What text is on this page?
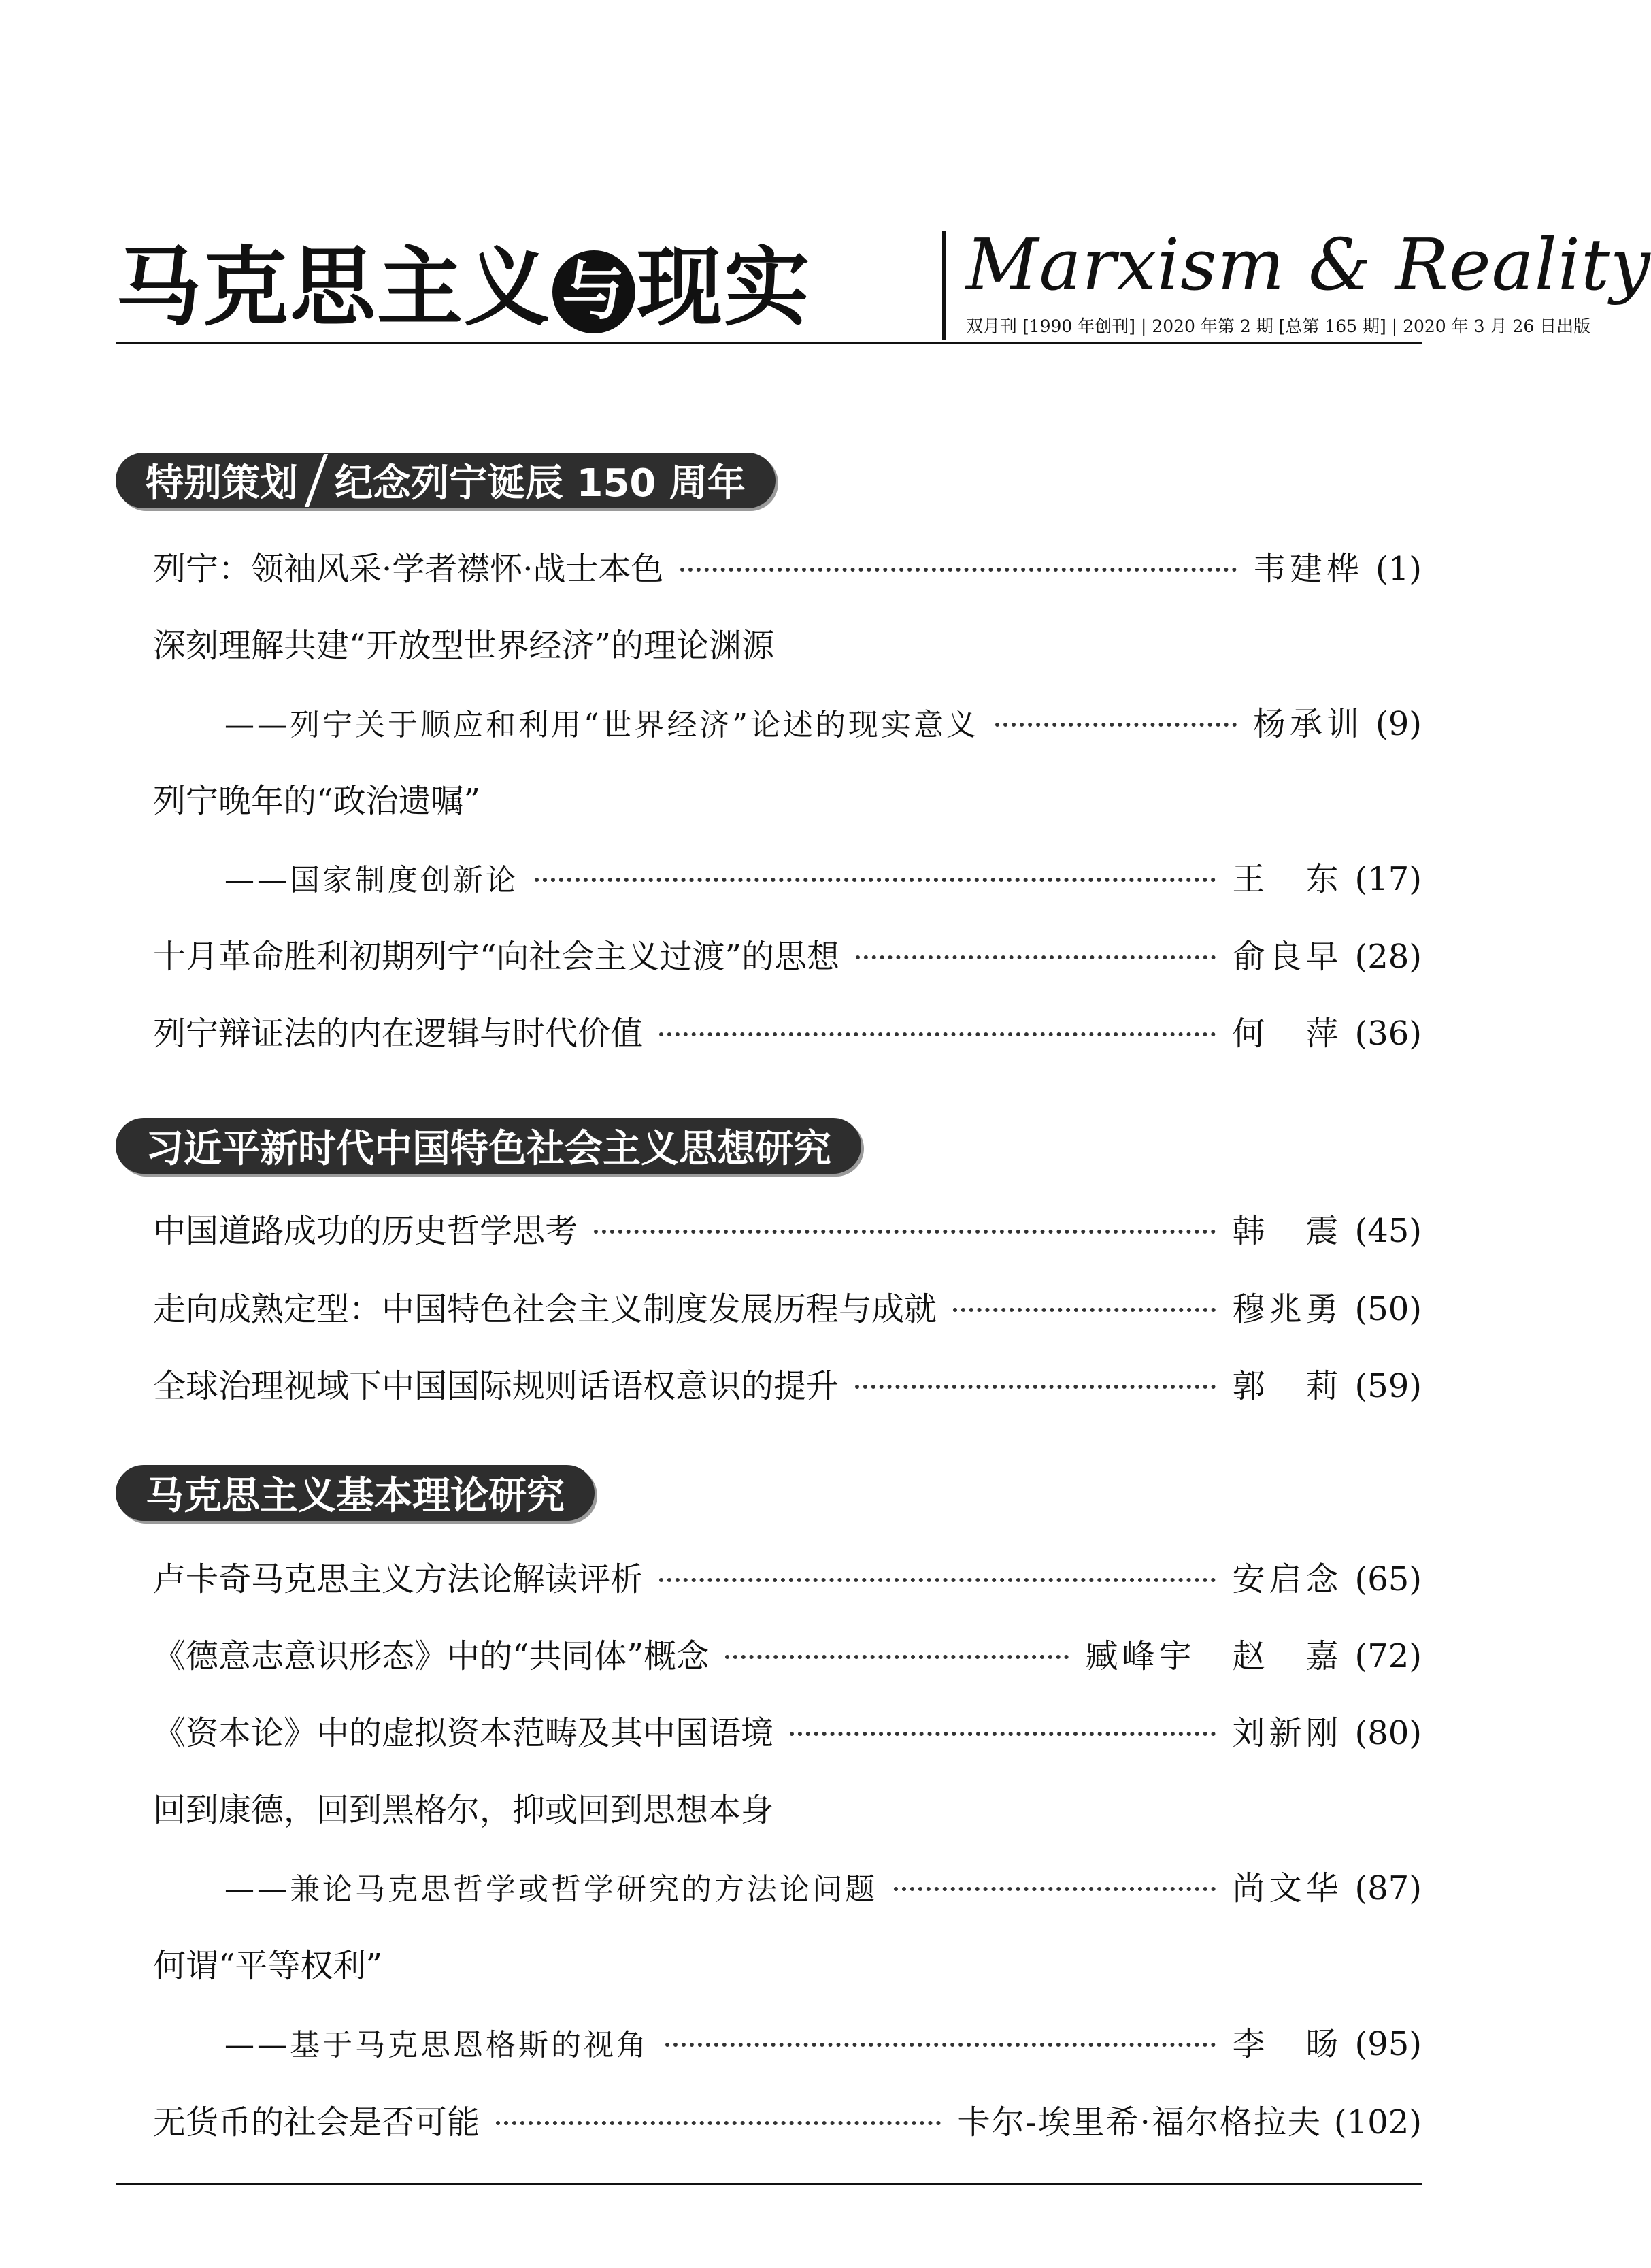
马克思主义 与 现实 Marxism & Reality
双月刊 [1990 年创刊] | 2020 年第 2 期 [总第 165 期] | 2020 年 3 月 26 日出版
特别策划 纪念列宁诞辰 150 周年
列宁：领袖风采·学者襟怀·战士本色	韦建桦 (1)
深刻理解共建“开放型世界经济”的理论渊源
——列宁关于顺应和利用“世界经济”论述的现实意义	杨承训 (9)
列宁晚年的“政治遗嘱”
——国家制度创新论	王　东 (17)
十月革命胜利初期列宁“向社会主义过渡”的思想	俞良早 (28)
列宁辩证法的内在逻辑与时代价值	何　萍 (36)
习近平新时代中国特色社会主义思想研究
中国道路成功的历史哲学思考	韩　震 (45)
走向成熟定型：中国特色社会主义制度发展历程与成就	穆兆勇 (50)
全球治理视域下中国国际规则话语权意识的提升	郭　莉 (59)
马克思主义基本理论研究
卢卡奇马克思主义方法论解读评析	安启念 (65)
《德意志意识形态》中的“共同体”概念	臧峰宇　赵　嘉 (72)
《资本论》中的虚拟资本范畴及其中国语境	刘新刚 (80)
回到康德，回到黑格尔，抑或回到思想本身
——兼论马克思哲学或哲学研究的方法论问题	尚文华 (87)
何谓“平等权利”
——基于马克思恩格斯的视角	李　旸 (95)
无货币的社会是否可能	卡尔-埃里希·福尔格拉夫 (102)
